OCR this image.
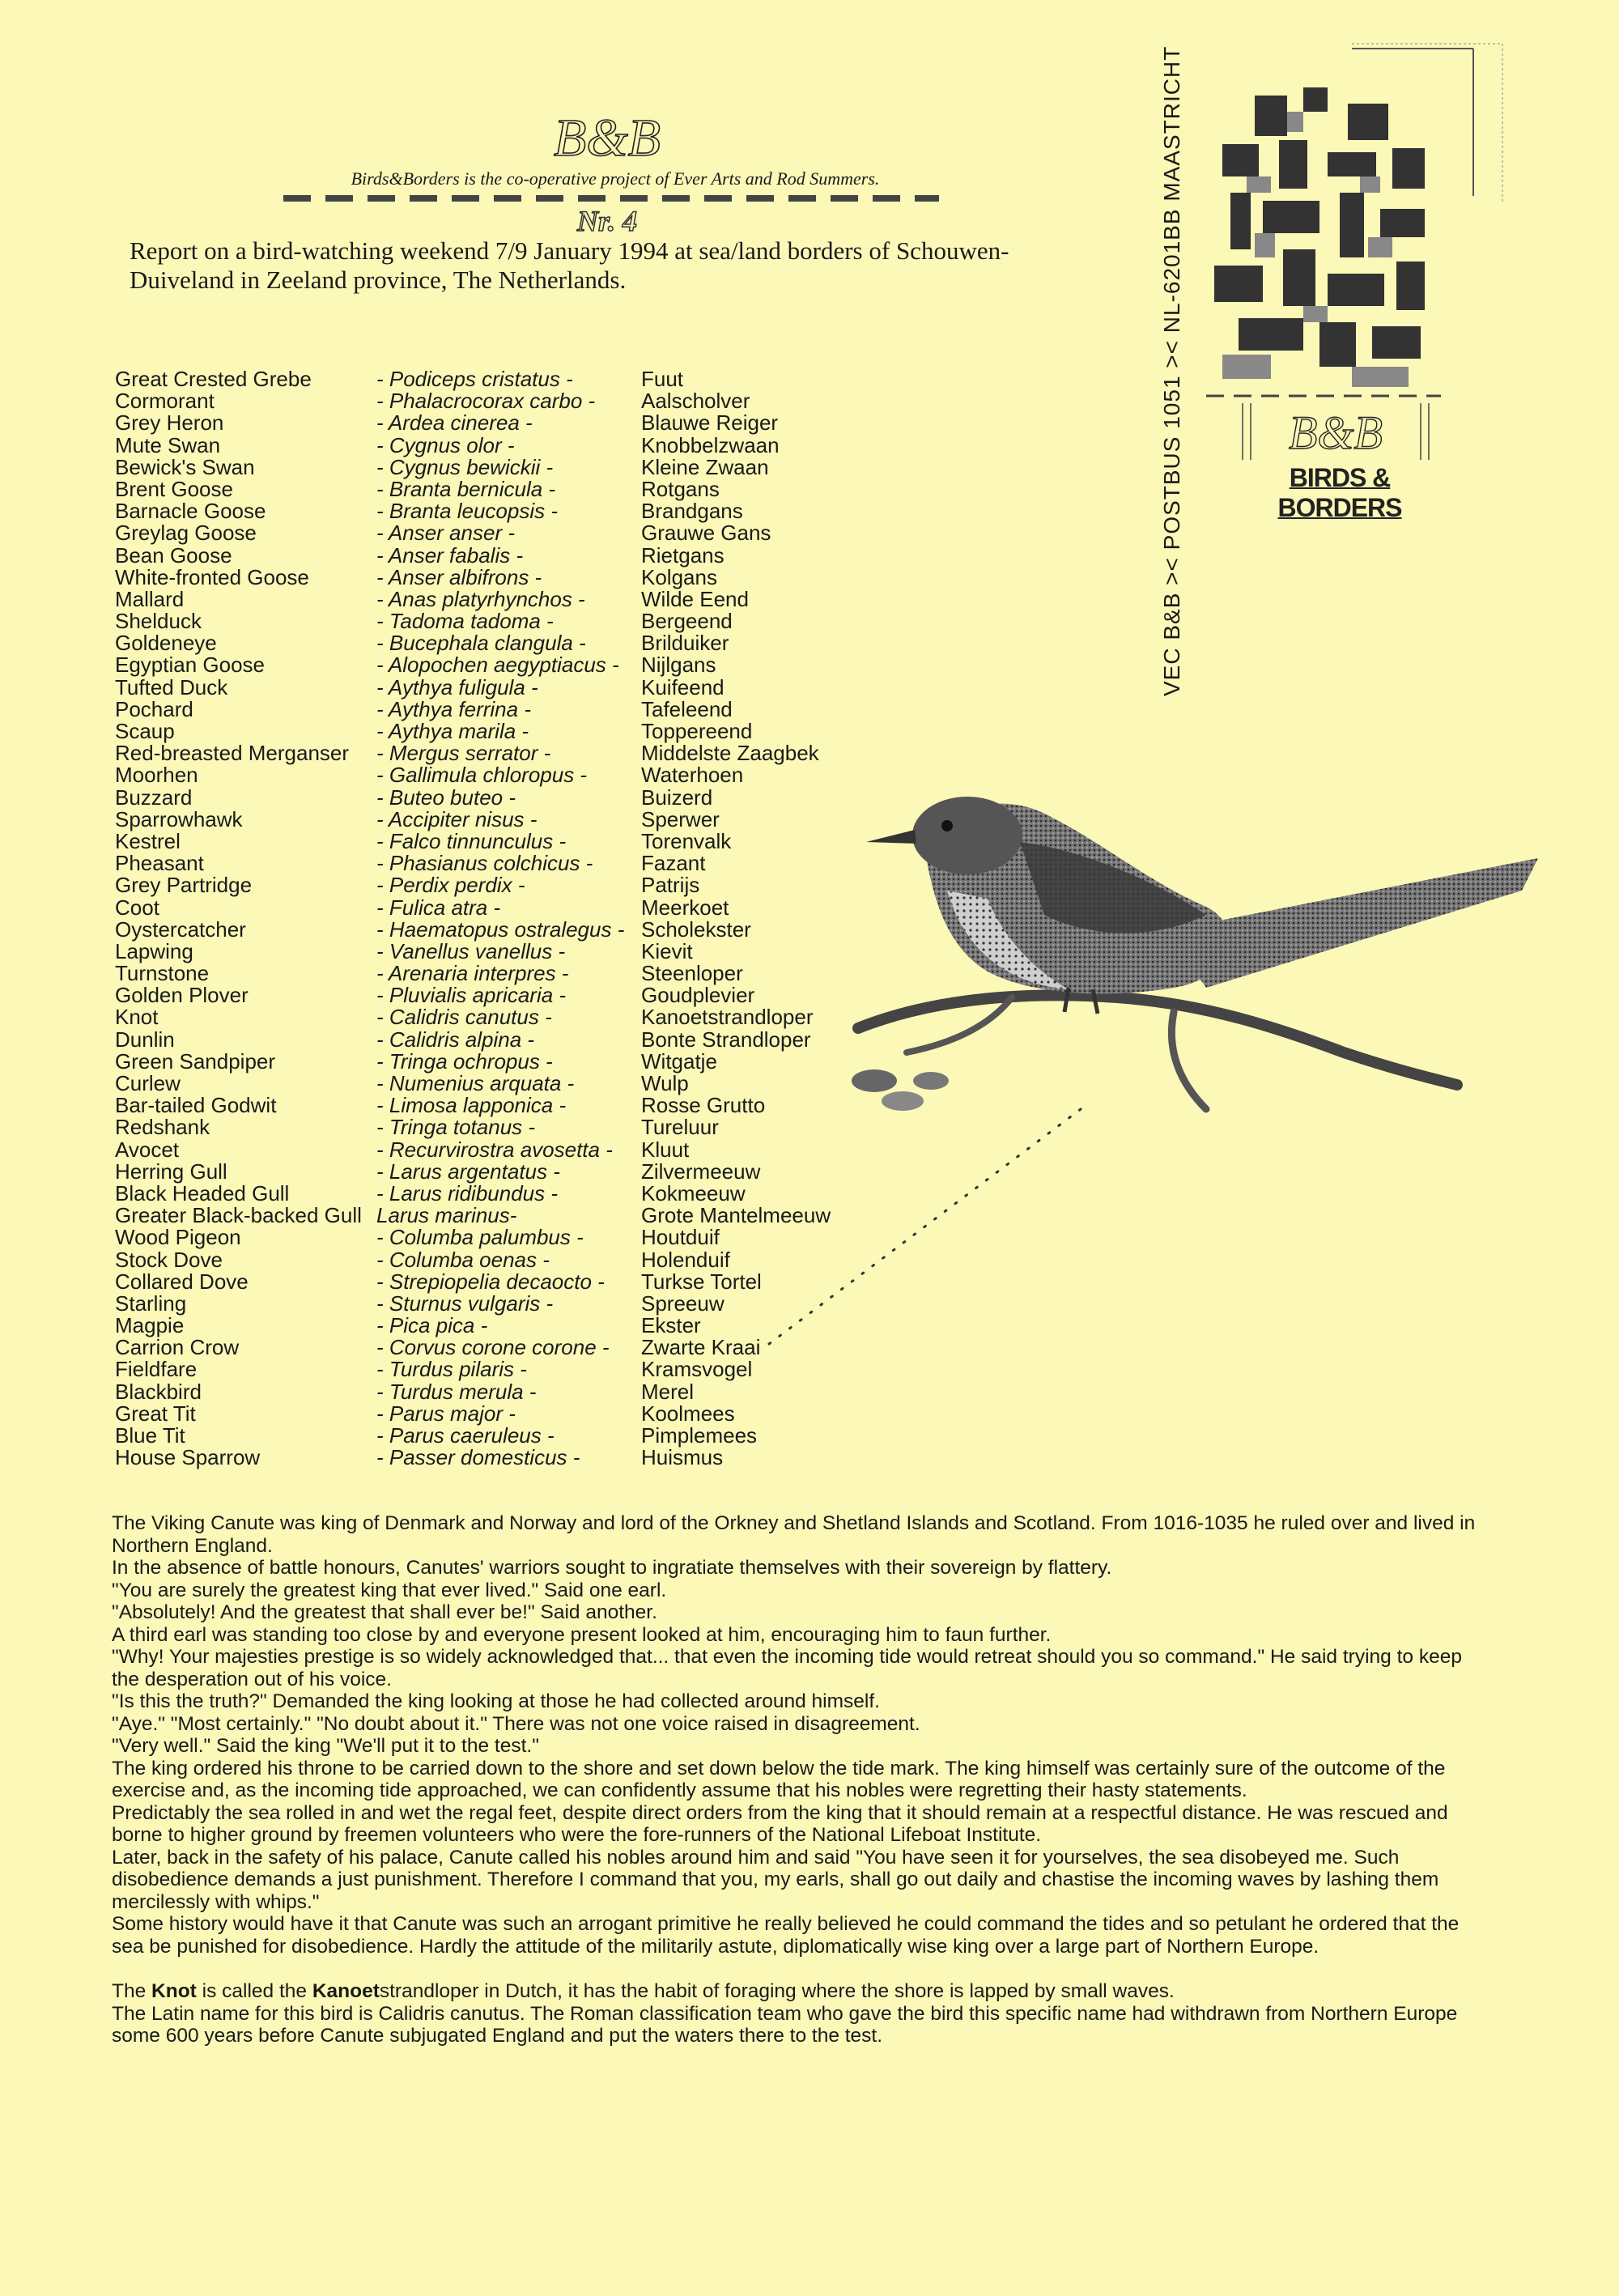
B&B
Birds&Borders is the co-operative project of Ever Arts and Rod Summers.
Nr. 4
Report on a bird-watching weekend 7/9 January 1994 at sea/land borders of Schouwen-Duiveland in Zeeland province, The Netherlands.	VEC B&B >< POSTBUS 1051 >< NL-6201BB MAASTRICHT B&B
BIRDS & BORDERS
Great Crested Grebe	- Podiceps cristatus -	Fuut
Cormorant	- Phalacrocorax carbo - Aalscholver
Grey Heron	- Ardea cinerea -	Blauwe Reiger
Mute Swan	- Cygnus olor -	Knobbelzwaan
Bewick's Swan	- Cygnus bewickii -	Kleine Zwaan
Brent Goose	- Branta bernicula -	Rotgans
Barnacle Goose	- Branta leucopsis -	Brandgans
Greylag Goose	- Anser anser -	Grauwe Gans
Bean Goose	- Anser fabalis -	Rietgans
White-fronted Goose	- Anser albifrons -	Kolgans
Mallard	- Anas platyrhynchos -	Wilde Eend
Shelduck	- Tadoma tadoma -	Bergeend
Goldeneye	- Bucephala clangula -	Brilduiker
Egyptian Goose	- Alopochen aegyptiacus - Nijlgans
Tufted Duck	- Aythya fuligula -	Kuifeend
Pochard	- Aythya ferrina -	Tafeleend
Scaup	- Aythya marila -	Toppereend
Red-breasted Merganser - Mergus serrator -	Middelste Zaagbek
Moorhen	- Gallimula chloropus -	Waterhoen
Buzzard	- Buteo buteo -	Buizerd
Sparrowhawk	- Accipiter nisus -	Sperwer
Kestrel	- Falco tinnunculus -	Torenvalk
Pheasant	- Phasianus colchicus - Fazant
Grey Partridge	- Perdix perdix -	Patrijs
Coot	- Fulica atra -	Meerkoet
Oystercatcher	- Haematopus ostralegus - Scholekster
Lapwing	- Vanellus vanellus -	Kievit
Turnstone	- Arenaria interpres -	Steenloper
Golden Plover	- Pluvialis apricaria -	Goudplevier
Knot	- Calidris canutus -	Kanoetstrandloper
Dunlin	- Calidris alpina -	Bonte Strandloper
Green Sandpiper	- Tringa ochropus -	Witgatje
Curlew	- Numenius arquata -	Wulp
Bar-tailed Godwit	- Limosa lapponica -	Rosse Grutto
Redshank	- Tringa totanus -	Tureluur
Avocet	- Recurvirostra avosetta - Kluut
Herring Gull	- Larus argentatus -	Zilvermeeuw
Black Headed Gull	- Larus ridibundus -	Kokmeeuw
Greater Black-backed Gull Larus marinus-	Grote Mantelmeeuw
Wood Pigeon	- Columba palumbus -	Houtduif
Stock Dove	- Columba oenas -	Holenduif
Collared Dove	- Strepiopelia decaocto - Turkse Tortel
Starling	- Sturnus vulgaris -	Spreeuw
Magpie	- Pica pica -	Ekster
Carrion Crow	- Corvus corone corone - Zwarte Kraai
Fieldfare	- Turdus pilaris -	Kramsvogel
Blackbird	- Turdus merula -	Merel
Great Tit	- Parus major -	Koolmees
Blue Tit	- Parus caeruleus -	Pimplemees
House Sparrow	- Passer domesticus -	Huismus

The Viking Canute was king of Denmark and Norway and lord of the Orkney and Shetland Islands and Scotland. From 1016-1035 he ruled over and lived in Northern England.

In the absence of battle honours, Canutes' warriors sought to ingratiate themselves with their sovereign by flattery.

"You are surely the greatest king that ever lived." Said one earl.

"Absolutely! And the greatest that shall ever be!" Said another.

A third earl was standing too close by and everyone present looked at him, encouraging him to faun further.

"Why! Your majesties prestige is so widely acknowledged that... that even the incoming tide would retreat should you so command." He said trying to keep the desperation out of his voice.

"Is this the truth?" Demanded the king looking at those he had collected around himself.

"Aye." "Most certainly." "No doubt about it." There was not one voice raised in disagreement.

"Very well." Said the king "We'll put it to the test."

The king ordered his throne to be carried down to the shore and set down below the tide mark. The king himself was certainly sure of the outcome of the exercise and, as the incoming tide approached, we can confidently assume that his nobles were regretting their hasty statements.

Predictably the sea rolled in and wet the regal feet, despite direct orders from the king that it should remain at a respectful distance. He was rescued and borne to higher ground by freemen volunteers who were the fore-runners of the National Lifeboat Institute.

Later, back in the safety of his palace, Canute called his nobles around him and said "You have seen it for yourselves, the sea disobeyed me. Such disobedience demands a just punishment. Therefore I command that you, my earls, shall go out daily and chastise the incoming waves by lashing them mercilessly with whips."

Some history would have it that Canute was such an arrogant primitive he really believed he could command the tides and so petulant he ordered that the sea be punished for disobedience. Hardly the attitude of the militarily astute, diplomatically wise king over a large part of Northern Europe.

The Knot is called the Kanoetstrandloper in Dutch, it has the habit of foraging where the shore is lapped by small waves.

The Latin name for this bird is Calidris canutus. The Roman classification team who gave the bird this specific name had withdrawn from Northern Europe some 600 years before Canute subjugated England and put the waters there to the test.
